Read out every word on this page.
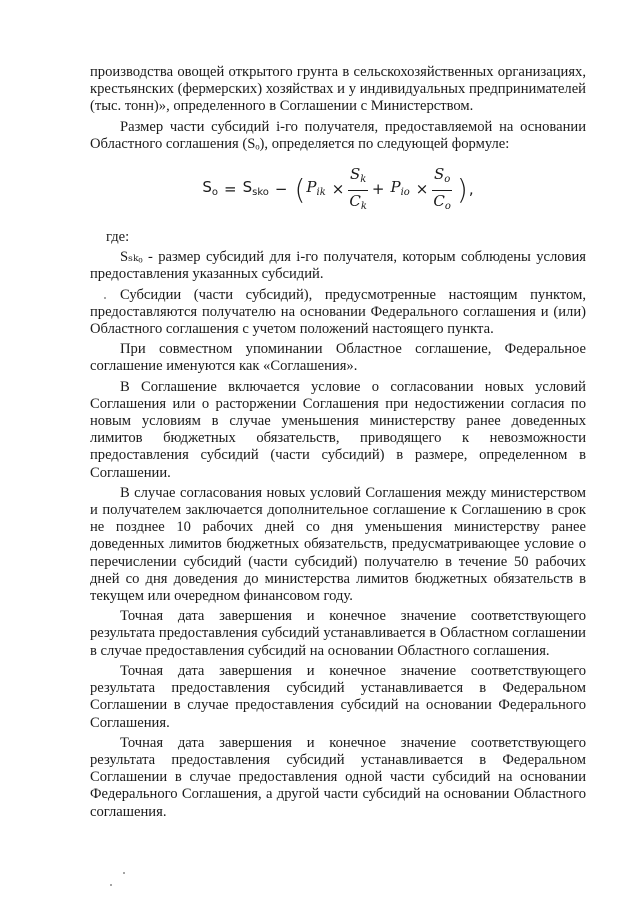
производства овощей открытого грунта в сельскохозяйственных организациях, крестьянских (фермерских) хозяйствах и у индивидуальных предпринимателей (тыс. тонн)», определенного в Соглашении с Министерством.

Размер части субсидий i-го получателя, предоставляемой на основании Областного соглашения (Sₒ), определяется по следующей формуле:

$S_o = S_{sko}$ − ( $P_{ik} \times \frac{S_k}{C_k} + P_{io} \times \frac{S_o}{C_o}$ ) ,

где:

Sₛₖₒ - размер субсидий для i-го получателя, которым соблюдены условия предоставления указанных субсидий.

Субсидии (части субсидий), предусмотренные настоящим пунктом, предоставляются получателю на основании Федерального соглашения и (или) Областного соглашения с учетом положений настоящего пункта.

При совместном упоминании Областное соглашение, Федеральное соглашение именуются как «Соглашения».

В Соглашение включается условие о согласовании новых условий Соглашения или о расторжении Соглашения при недостижении согласия по новым условиям в случае уменьшения министерству ранее доведенных лимитов бюджетных обязательств, приводящего к невозможности предоставления субсидий (части субсидий) в размере, определенном в Соглашении.

В случае согласования новых условий Соглашения между министерством и получателем заключается дополнительное соглашение к Соглашению в срок не позднее 10 рабочих дней со дня уменьшения министерству ранее доведенных лимитов бюджетных обязательств, предусматривающее условие о перечислении субсидий (части субсидий) получателю в течение 50 рабочих дней со дня доведения до министерства лимитов бюджетных обязательств в текущем или очередном финансовом году.

Точная дата завершения и конечное значение соответствующего результата предоставления субсидий устанавливается в Областном соглашении в случае предоставления субсидий на основании Областного соглашения.

Точная дата завершения и конечное значение соответствующего результата предоставления субсидий устанавливается в Федеральном Соглашении в случае предоставления субсидий на основании Федерального Соглашения.

Точная дата завершения и конечное значение соответствующего результата предоставления субсидий устанавливается в Федеральном Соглашении в случае предоставления одной части субсидий на основании Федерального Соглашения, а другой части субсидий на основании Областного соглашения.
